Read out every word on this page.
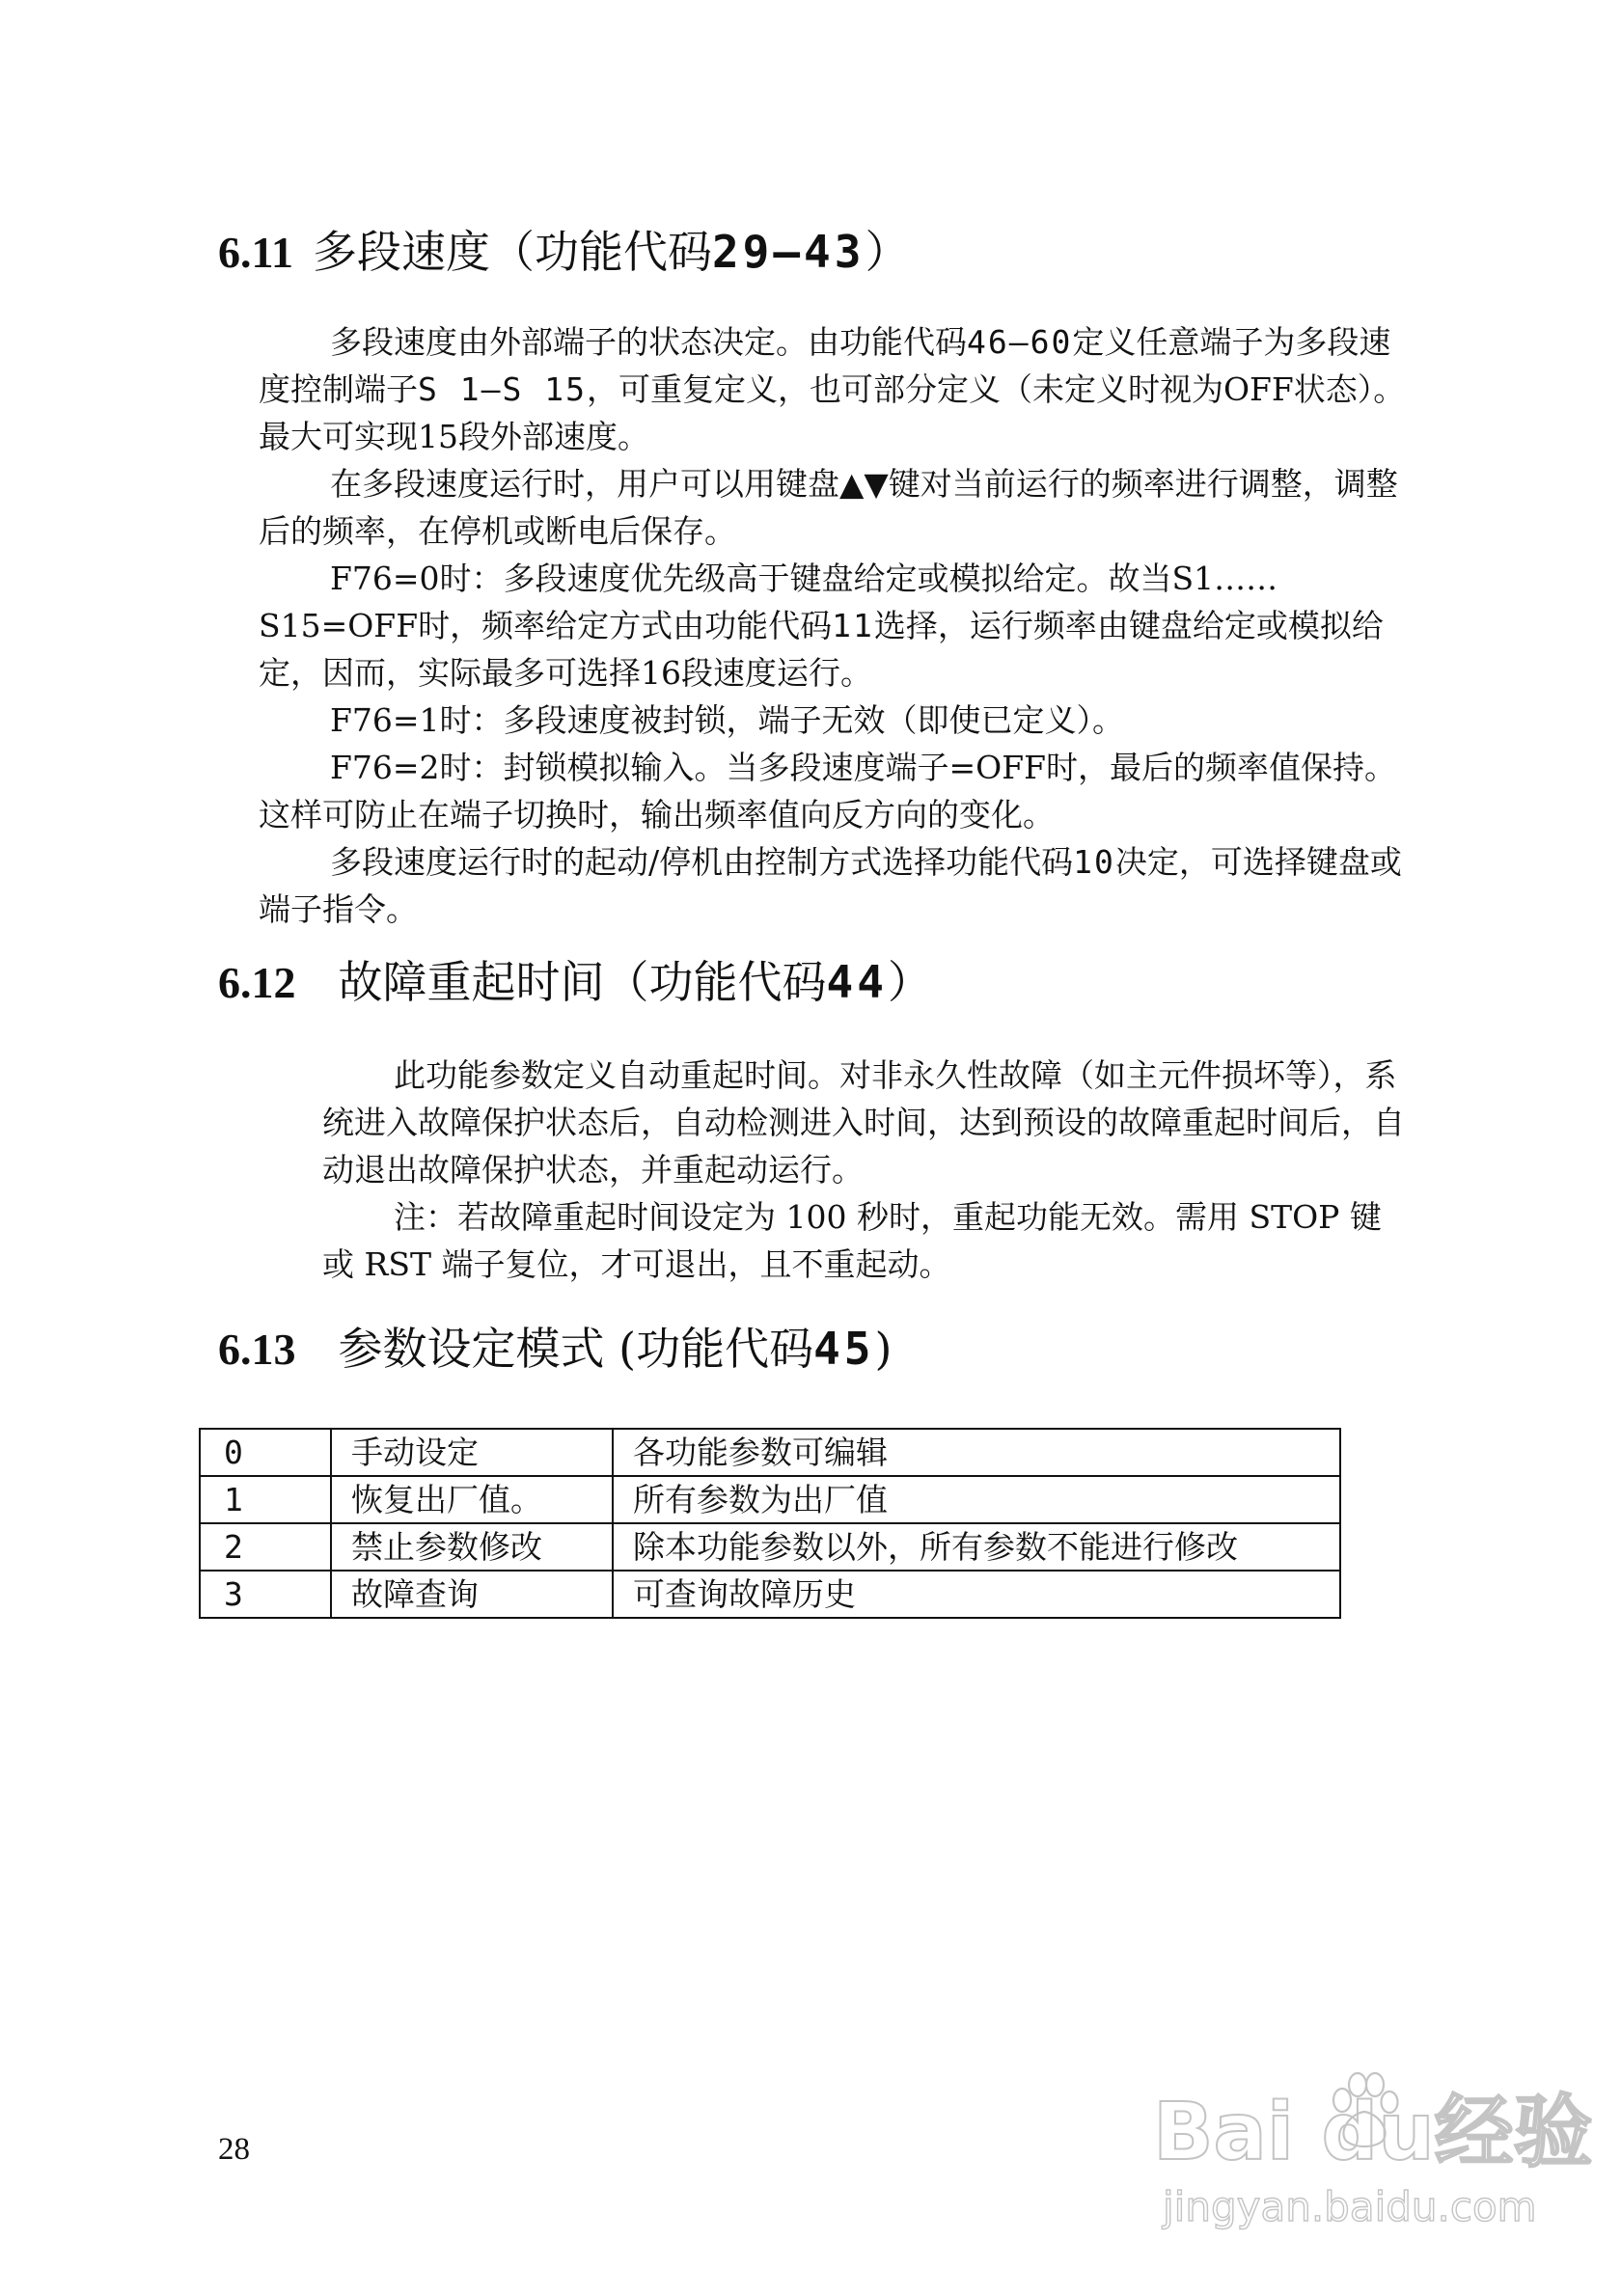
6.11 多段速度（功能代码29—43）

多段速度由外部端子的状态决定。由功能代码46—60定义任意端子为多段速度控制端子S 1—S 15，可重复定义，也可部分定义（未定义时视为OFF状态）。最大可实现15段外部速度。

在多段速度运行时，用户可以用键盘▲▼键对当前运行的频率进行调整，调整后的频率，在停机或断电后保存。

F76=0时：多段速度优先级高于键盘给定或模拟给定。故当S1……S15=OFF时，频率给定方式由功能代码11选择，运行频率由键盘给定或模拟给定，因而，实际最多可选择16段速度运行。

F76=1时：多段速度被封锁，端子无效（即使已定义）。

F76=2时：封锁模拟输入。当多段速度端子=OFF时，最后的频率值保持。这样可防止在端子切换时，输出频率值向反方向的变化。

多段速度运行时的起动/停机由控制方式选择功能代码10决定，可选择键盘或端子指令。

6.12 故障重起时间（功能代码44）

此功能参数定义自动重起时间。对非永久性故障（如主元件损坏等），系统进入故障保护状态后，自动检测进入时间，达到预设的故障重起时间后，自动退出故障保护状态，并重起动运行。

注：若故障重起时间设定为 100 秒时，重起功能无效。需用 STOP 键或 RST 端子复位，才可退出，且不重起动。

6.13 参数设定模式 (功能代码45)
0	手动设定	各功能参数可编辑
1	恢复出厂值。	所有参数为出厂值
2	禁止参数修改	除本功能参数以外，所有参数不能进行修改
3	故障查询	可查询故障历史
28	Bai du经验
jingyan.baidu.com
